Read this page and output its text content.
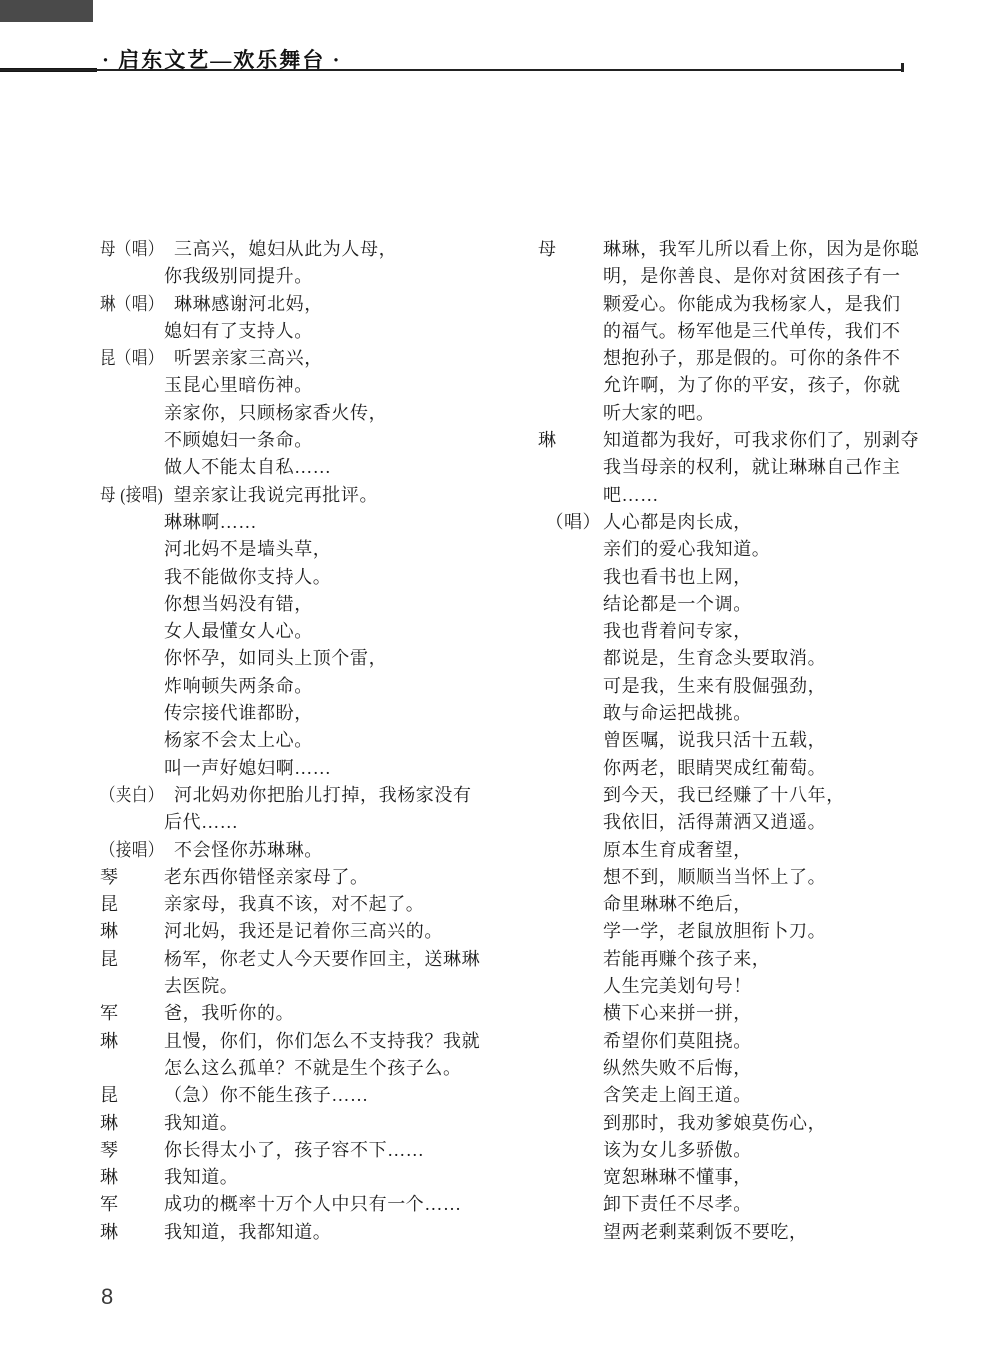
· 启东文艺—欢乐舞台 ·
母（唱） 三高兴，媳妇从此为人母，
你我级别同提升。
琳（唱） 琳琳感谢河北妈，
媳妇有了支持人。
昆（唱） 听罢亲家三高兴，
玉昆心里暗伤神。
亲家你，只顾杨家香火传，
不顾媳妇一条命。
做人不能太自私……
母 (接唱) 望亲家让我说完再批评。
琳琳啊……
河北妈不是墙头草，
我不能做你支持人。
你想当妈没有错，
女人最懂女人心。
你怀孕，如同头上顶个雷，
炸响顿失两条命。
传宗接代谁都盼，
杨家不会太上心。
叫一声好媳妇啊……
（夹白） 河北妈劝你把胎儿打掉，我杨家没有
后代……
（接唱） 不会怪你苏琳琳。
琴	老东西你错怪亲家母了。
昆	亲家母，我真不该，对不起了。
琳	河北妈，我还是记着你三高兴的。
昆	杨军，你老丈人今天要作回主，送琳琳
去医院。
军	爸，我听你的。
琳	且慢，你们，你们怎么不支持我？我就
怎么这么孤单？不就是生个孩子么。
昆	（急）你不能生孩子……
琳	我知道。
琴	你长得太小了，孩子容不下……
琳	我知道。
军	成功的概率十万个人中只有一个……
琳	我知道，我都知道。
母	琳琳，我军儿所以看上你，因为是你聪
明，是你善良、是你对贫困孩子有一
颗爱心。你能成为我杨家人，是我们
的福气。杨军他是三代单传，我们不
想抱孙子，那是假的。可你的条件不
允许啊，为了你的平安，孩子，你就
听大家的吧。
琳	知道都为我好，可我求你们了，别剥夺
我当母亲的权利，就让琳琳自己作主
吧……
（唱） 人心都是肉长成，
亲们的爱心我知道。
我也看书也上网，
结论都是一个调。
我也背着问专家，
都说是，生育念头要取消。
可是我，生来有股倔强劲，
敢与命运把战挑。
曾医嘱，说我只活十五载，
你两老，眼睛哭成红葡萄。
到今天，我已经赚了十八年，
我依旧，活得萧洒又逍遥。
原本生育成奢望，
想不到，顺顺当当怀上了。
命里琳琳不绝后，
学一学，老鼠放胆衔卜刀。
若能再赚个孩子来，
人生完美划句号！
横下心来拼一拼，
希望你们莫阻挠。
纵然失败不后悔，
含笑走上阎王道。
到那时，我劝爹娘莫伤心，
该为女儿多骄傲。
宽恕琳琳不懂事，
卸下责任不尽孝。
望两老剩菜剩饭不要吃，
8
